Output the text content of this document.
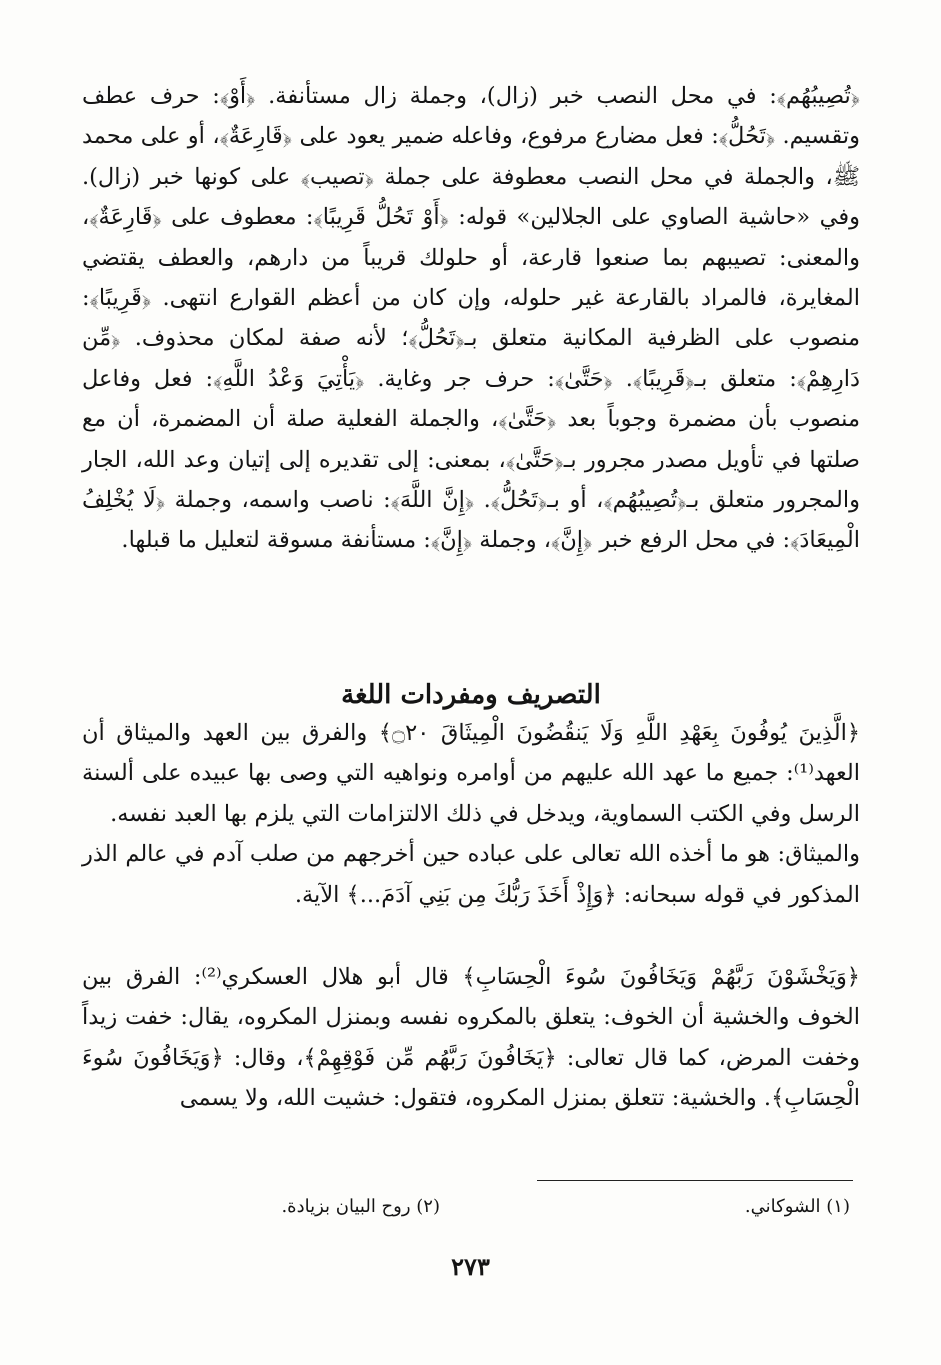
﴿تُصِيبُهُم﴾: في محل النصب خبر (زال)، وجملة زال مستأنفة. ﴿أَوْ﴾: حرف عطف وتقسيم. ﴿تَحُلُّ﴾: فعل مضارع مرفوع، وفاعله ضمير يعود على ﴿قَارِعَةٌ﴾، أو على محمد ﷺ، والجملة في محل النصب معطوفة على جملة ﴿تصيب﴾ على كونها خبر (زال). وفي «حاشية الصاوي على الجلالين» قوله: ﴿أَوْ تَحُلُّ قَرِيبًا﴾: معطوف على ﴿قَارِعَةٌ﴾، والمعنى: تصيبهم بما صنعوا قارعة، أو حلولك قريباً من دارهم، والعطف يقتضي المغايرة، فالمراد بالقارعة غير حلوله، وإن كان من أعظم القوارع انتهى. ﴿قَرِيبًا﴾: منصوب على الظرفية المكانية متعلق بـ﴿تَحُلُّ﴾؛ لأنه صفة لمكان محذوف. ﴿مِّن دَارِهِمْ﴾: متعلق بـ﴿قَرِيبًا﴾. ﴿حَتَّىٰ﴾: حرف جر وغاية. ﴿يَأْتِيَ وَعْدُ اللَّهِ﴾: فعل وفاعل منصوب بأن مضمرة وجوباً بعد ﴿حَتَّىٰ﴾، والجملة الفعلية صلة أن المضمرة، أن مع صلتها في تأويل مصدر مجرور بـ﴿حَتَّىٰ﴾، بمعنى: إلى تقديره إلى إتيان وعد الله، الجار والمجرور متعلق بـ﴿تُصِيبُهُم﴾، أو بـ﴿تَحُلُّ﴾. ﴿إِنَّ اللَّهَ﴾: ناصب واسمه، وجملة ﴿لَا يُخْلِفُ الْمِيعَادَ﴾: في محل الرفع خبر ﴿إِنَّ﴾، وجملة ﴿إِنَّ﴾: مستأنفة مسوقة لتعليل ما قبلها.

التصريف ومفردات اللغة

﴿الَّذِينَ يُوفُونَ بِعَهْدِ اللَّهِ وَلَا يَنقُضُونَ الْمِيثَاقَ ۝٢٠﴾ والفرق بين العهد والميثاق أن العهد⁽¹⁾: جميع ما عهد الله عليهم من أوامره ونواهيه التي وصى بها عبيده على ألسنة الرسل وفي الكتب السماوية، ويدخل في ذلك الالتزامات التي يلزم بها العبد نفسه.

والميثاق: هو ما أخذه الله تعالى على عباده حين أخرجهم من صلب آدم في عالم الذر المذكور في قوله سبحانه: ﴿وَإِذْ أَخَذَ رَبُّكَ مِن بَنِي آدَمَ...﴾ الآية.

﴿وَيَخْشَوْنَ رَبَّهُمْ وَيَخَافُونَ سُوءَ الْحِسَابِ﴾ قال أبو هلال العسكري⁽²⁾: الفرق بين الخوف والخشية أن الخوف: يتعلق بالمكروه نفسه وبمنزل المكروه، يقال: خفت زيداً وخفت المرض، كما قال تعالى: ﴿يَخَافُونَ رَبَّهُم مِّن فَوْقِهِمْ﴾، وقال: ﴿وَيَخَافُونَ سُوءَ الْحِسَابِ﴾. والخشية: تتعلق بمنزل المكروه، فتقول: خشيت الله، ولا يسمى

(١) الشوكاني.
(٢) روح البيان بزيادة.
٢٧٣
